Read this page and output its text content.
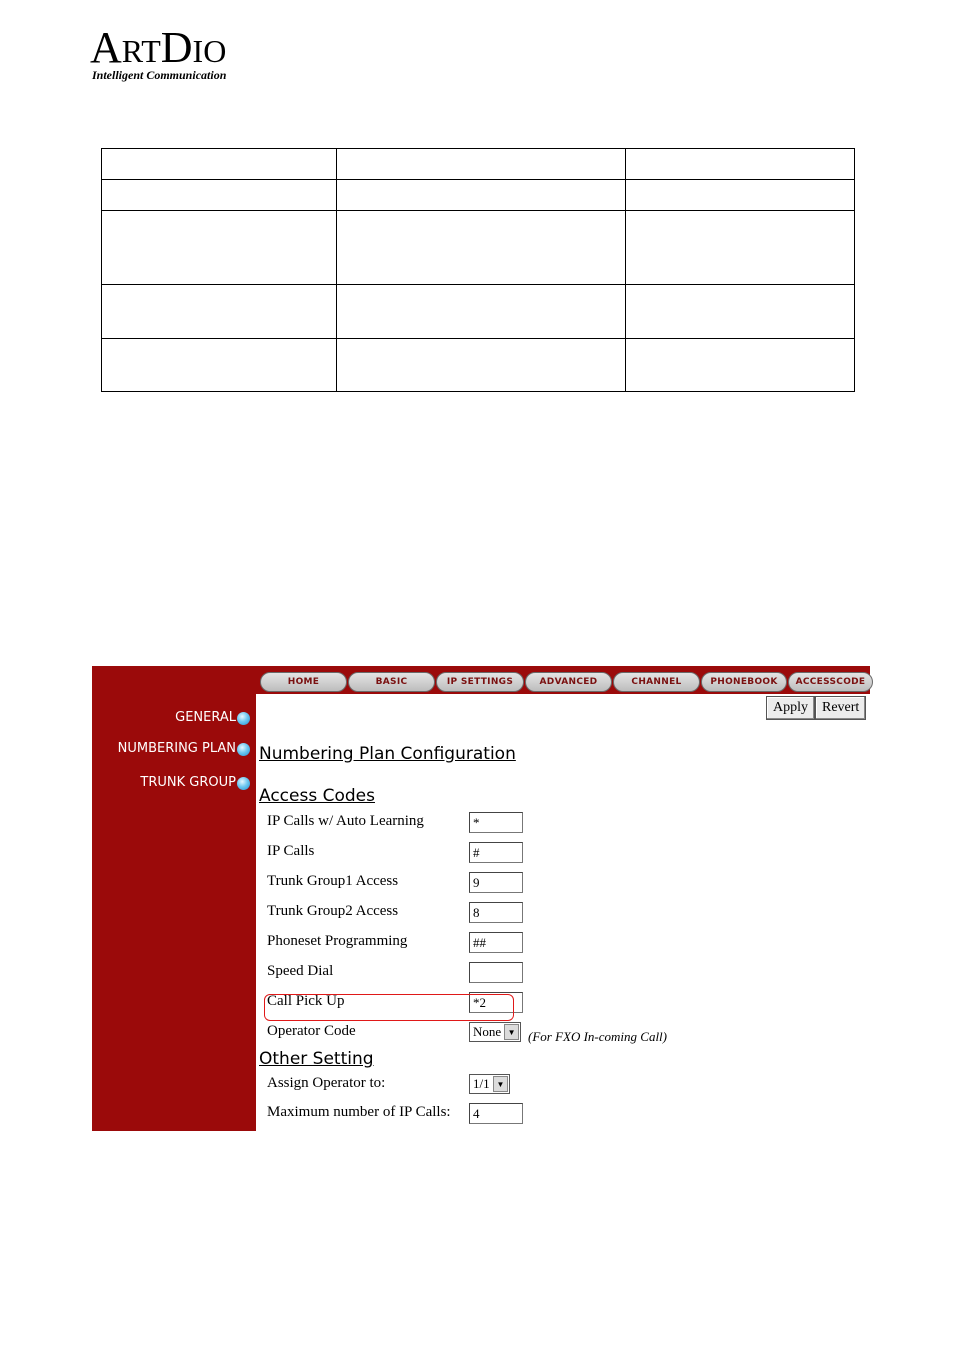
ARTDIO
Intelligent Communication

GENERAL
NUMBERING PLAN
TRUNK GROUP
HOME	BASIC	IP SETTINGS	ADVANCED	CHANNEL	PHONEBOOK	ACCESSCODE
Apply	Revert
Numbering Plan Configuration
Access Codes
IP Calls w/ Auto Learning	*
IP Calls	#
Trunk Group1 Access	9
Trunk Group2 Access	8
Phoneset Programming	##
Speed Dial
Call Pick Up	*2
Operator Code	None ▼ (For FXO In-coming Call)
Other Setting
Assign Operator to:	1/1 ▼
Maximum number of IP Calls:	4
